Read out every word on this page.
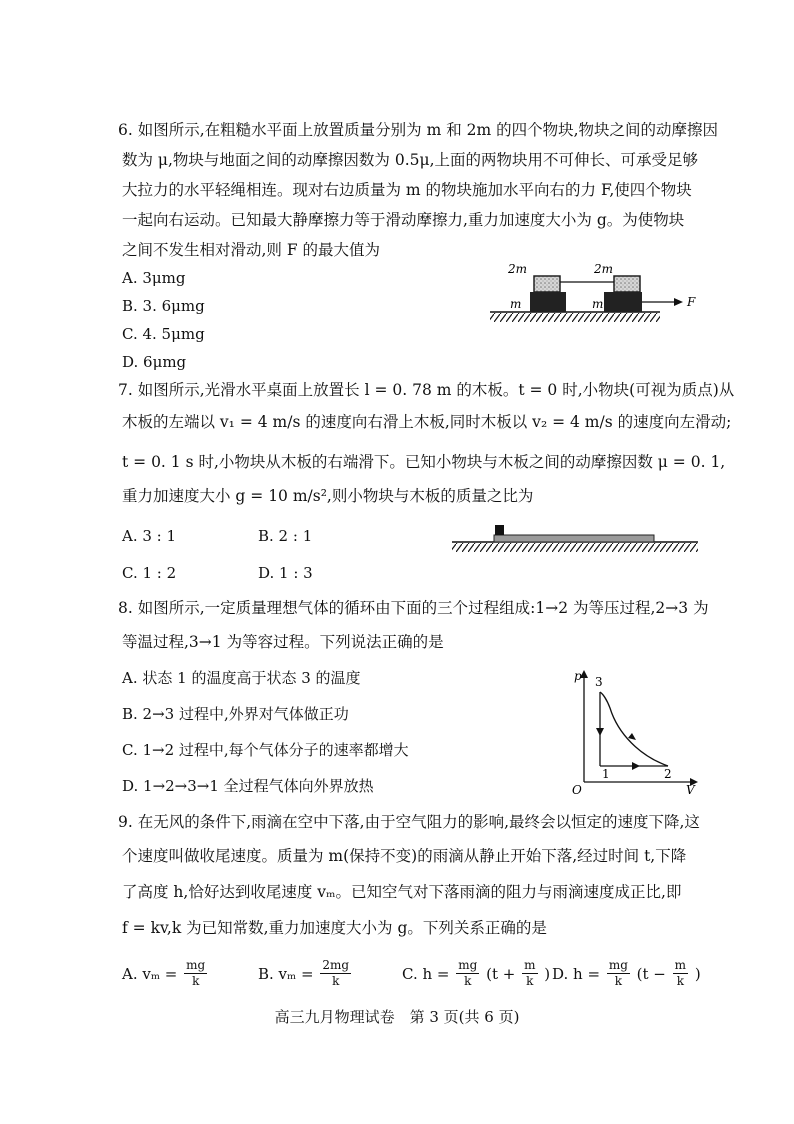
6. 如图所示,在粗糙水平面上放置质量分别为 m 和 2m 的四个物块,物块之间的动摩擦因
数为 μ,物块与地面之间的动摩擦因数为 0.5μ,上面的两物块用不可伸长、可承受足够
大拉力的水平轻绳相连。现对右边质量为 m 的物块施加水平向右的力 F,使四个物块
一起向右运动。已知最大静摩擦力等于滑动摩擦力,重力加速度大小为 g。为使物块
之间不发生相对滑动,则 F 的最大值为
A. 3μmg
B. 3. 6μmg
C. 4. 5μmg
D. 6μmg
2m	2m
m	m	F
7. 如图所示,光滑水平桌面上放置长 l = 0. 78 m 的木板。t = 0 时,小物块(可视为质点)从
木板的左端以 v₁ = 4 m/s 的速度向右滑上木板,同时木板以 v₂ = 4 m/s 的速度向左滑动;
t = 0. 1 s 时,小物块从木板的右端滑下。已知小物块与木板之间的动摩擦因数 μ = 0. 1,
重力加速度大小 g = 10 m/s²,则小物块与木板的质量之比为
A. 3 : 1	B. 2 : 1
C. 1 : 2	D. 1 : 3
8. 如图所示,一定质量理想气体的循环由下面的三个过程组成:1→2 为等压过程,2→3 为
等温过程,3→1 为等容过程。下列说法正确的是
A. 状态 1 的温度高于状态 3 的温度
B. 2→3 过程中,外界对气体做正功
C. 1→2 过程中,每个气体分子的速率都增大
D. 1→2→3→1 全过程气体向外界放热
p
V
O
3
1	2
9. 在无风的条件下,雨滴在空中下落,由于空气阻力的影响,最终会以恒定的速度下降,这
个速度叫做收尾速度。质量为 m(保持不变)的雨滴从静止开始下落,经过时间 t,下降
了高度 h,恰好达到收尾速度 vₘ。已知空气对下落雨滴的阻力与雨滴速度成正比,即
f = kv,k 为已知常数,重力加速度大小为 g。下列关系正确的是
A. $v_m = \frac{mg}{k}$	B. $v_m = \frac{2mg}{k}$	C. $h = \frac{mg}{k} (t + \frac{m}{k}$ ) D. $h = \frac{mg}{k} (t - \frac{m}{k}$ )
高三九月物理试卷　第 3 页(共 6 页)
